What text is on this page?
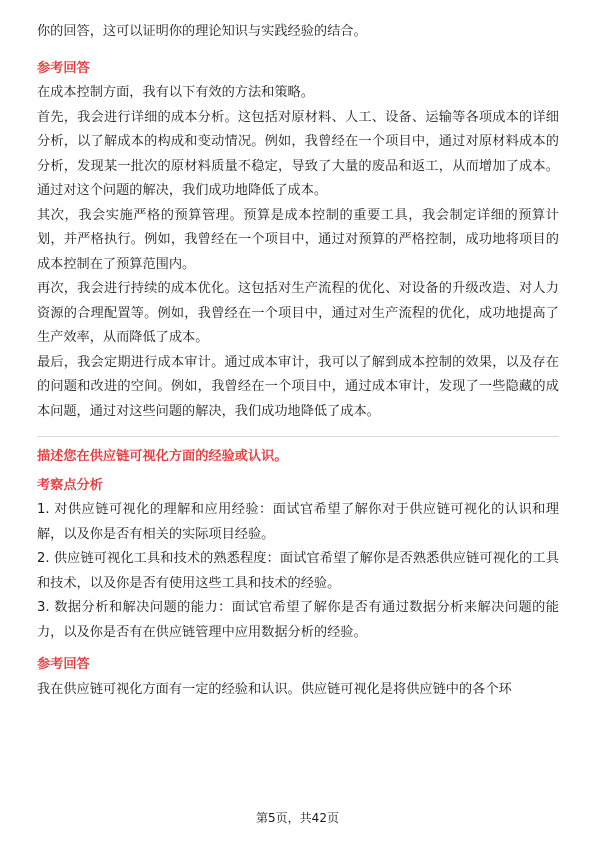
你的回答，这可以证明你的理论知识与实践经验的结合。

参考回答

在成本控制方面，我有以下有效的方法和策略。

首先，我会进行详细的成本分析。这包括对原材料、人工、设备、运输等各项成本的详细分析，以了解成本的构成和变动情况。例如，我曾经在一个项目中，通过对原材料成本的分析，发现某一批次的原材料质量不稳定，导致了大量的废品和返工，从而增加了成本。通过对这个问题的解决，我们成功地降低了成本。

其次，我会实施严格的预算管理。预算是成本控制的重要工具，我会制定详细的预算计划，并严格执行。例如，我曾经在一个项目中，通过对预算的严格控制，成功地将项目的成本控制在了预算范围内。

再次，我会进行持续的成本优化。这包括对生产流程的优化、对设备的升级改造、对人力资源的合理配置等。例如，我曾经在一个项目中，通过对生产流程的优化，成功地提高了生产效率，从而降低了成本。

最后，我会定期进行成本审计。通过成本审计，我可以了解到成本控制的效果，以及存在的问题和改进的空间。例如，我曾经在一个项目中，通过成本审计，发现了一些隐藏的成本问题，通过对这些问题的解决，我们成功地降低了成本。

描述您在供应链可视化方面的经验或认识。

考察点分析

1. 对供应链可视化的理解和应用经验：面试官希望了解你对于供应链可视化的认识和理解，以及你是否有相关的实际项目经验。

2. 供应链可视化工具和技术的熟悉程度：面试官希望了解你是否熟悉供应链可视化的工具和技术，以及你是否有使用这些工具和技术的经验。

3. 数据分析和解决问题的能力：面试官希望了解你是否有通过数据分析来解决问题的能力，以及你是否有在供应链管理中应用数据分析的经验。

参考回答

我在供应链可视化方面有一定的经验和认识。供应链可视化是将供应链中的各个环

第5页，共42页
